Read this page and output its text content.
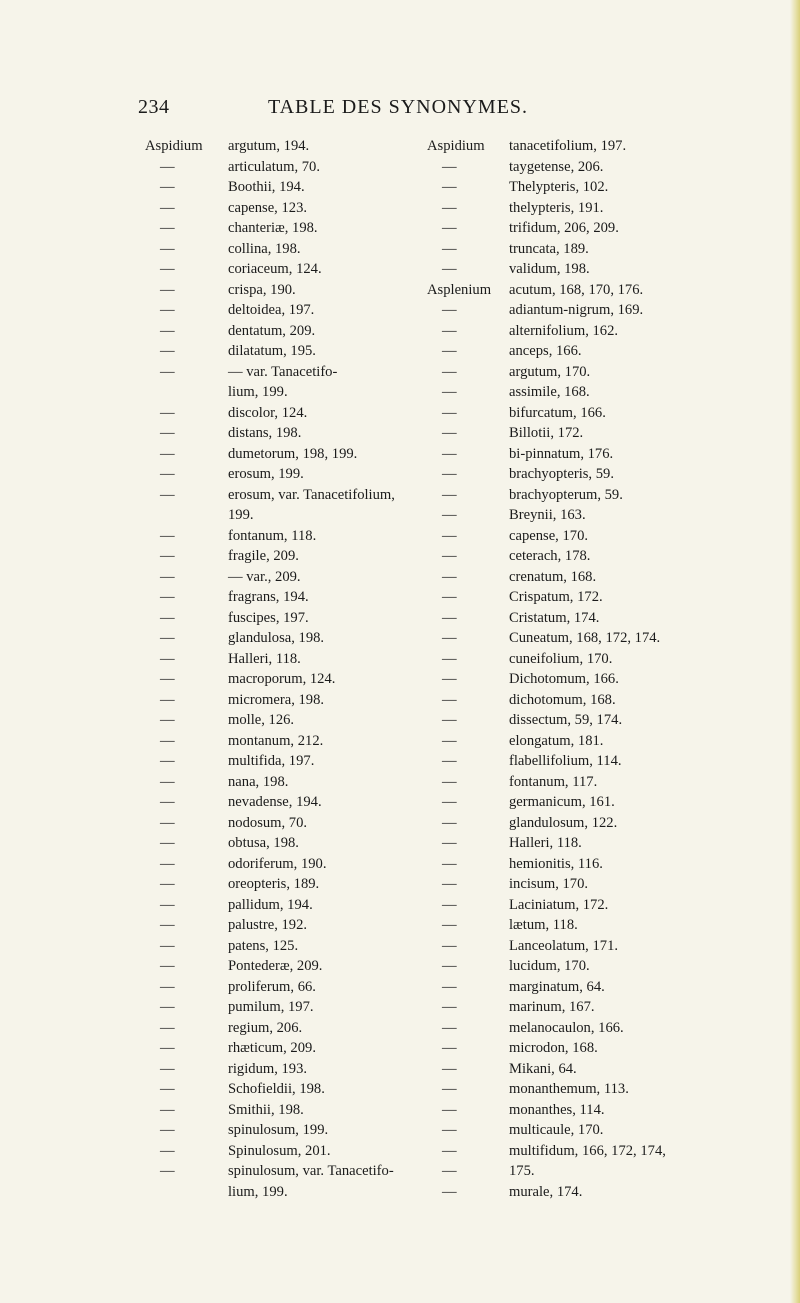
234	TABLE DES SYNONYMES.
Aspidium argutum, 194.
—	articulatum, 70.
—	Boothii, 194.
—	capense, 123.
—	chanteriæ, 198.
—	collina, 198.
—	coriaceum, 124.
—	crispa, 190.
—	deltoidea, 197.
—	dentatum, 209.
—	dilatatum, 195.
—	— var. Tanacetifo-
lium, 199.
—	discolor, 124.
—	distans, 198.
—	dumetorum, 198, 199.
—	erosum, 199.
—	erosum, var. Tanacetifolium,
199.
—	fontanum, 118.
—	fragile, 209.
—	— var., 209.
—	fragrans, 194.
—	fuscipes, 197.
—	glandulosa, 198.
—	Halleri, 118.
—	macroporum, 124.
—	micromera, 198.
—	molle, 126.
—	montanum, 212.
—	multifida, 197.
—	nana, 198.
—	nevadense, 194.
—	nodosum, 70.
—	obtusa, 198.
—	odoriferum, 190.
—	oreopteris, 189.
—	pallidum, 194.
—	palustre, 192.
—	patens, 125.
—	Pontederæ, 209.
—	proliferum, 66.
—	pumilum, 197.
—	regium, 206.
—	rhæticum, 209.
—	rigidum, 193.
—	Schofieldii, 198.
—	Smithii, 198.
—	spinulosum, 199.
—	Spinulosum, 201.
—	spinulosum, var. Tanacetifo-
lium, 199.
Aspidium tanacetifolium, 197.
—	taygetense, 206.
—	Thelypteris, 102.
—	thelypteris, 191.
—	trifidum, 206, 209.
—	truncata, 189.
—	validum, 198.
Asplenium acutum, 168, 170, 176.
—	adiantum-nigrum, 169.
—	alternifolium, 162.
—	anceps, 166.
—	argutum, 170.
—	assimile, 168.
—	bifurcatum, 166.
—	Billotii, 172.
—	bi-pinnatum, 176.
—	brachyopteris, 59.
—	brachyopterum, 59.
—	Breynii, 163.
—	capense, 170.
—	ceterach, 178.
—	crenatum, 168.
—	Crispatum, 172.
—	Cristatum, 174.
—	Cuneatum, 168, 172, 174.
—	cuneifolium, 170.
—	Dichotomum, 166.
—	dichotomum, 168.
—	dissectum, 59, 174.
—	elongatum, 181.
—	flabellifolium, 114.
—	fontanum, 117.
—	germanicum, 161.
—	glandulosum, 122.
—	Halleri, 118.
—	hemionitis, 116.
—	incisum, 170.
—	Laciniatum, 172.
—	lætum, 118.
—	Lanceolatum, 171.
—	lucidum, 170.
—	marginatum, 64.
—	marinum, 167.
—	melanocaulon, 166.
—	microdon, 168.
—	Mikani, 64.
—	monanthemum, 113.
—	monanthes, 114.
—	multicaule, 170.
—	multifidum, 166, 172, 174,
—	175.
—	murale, 174.
